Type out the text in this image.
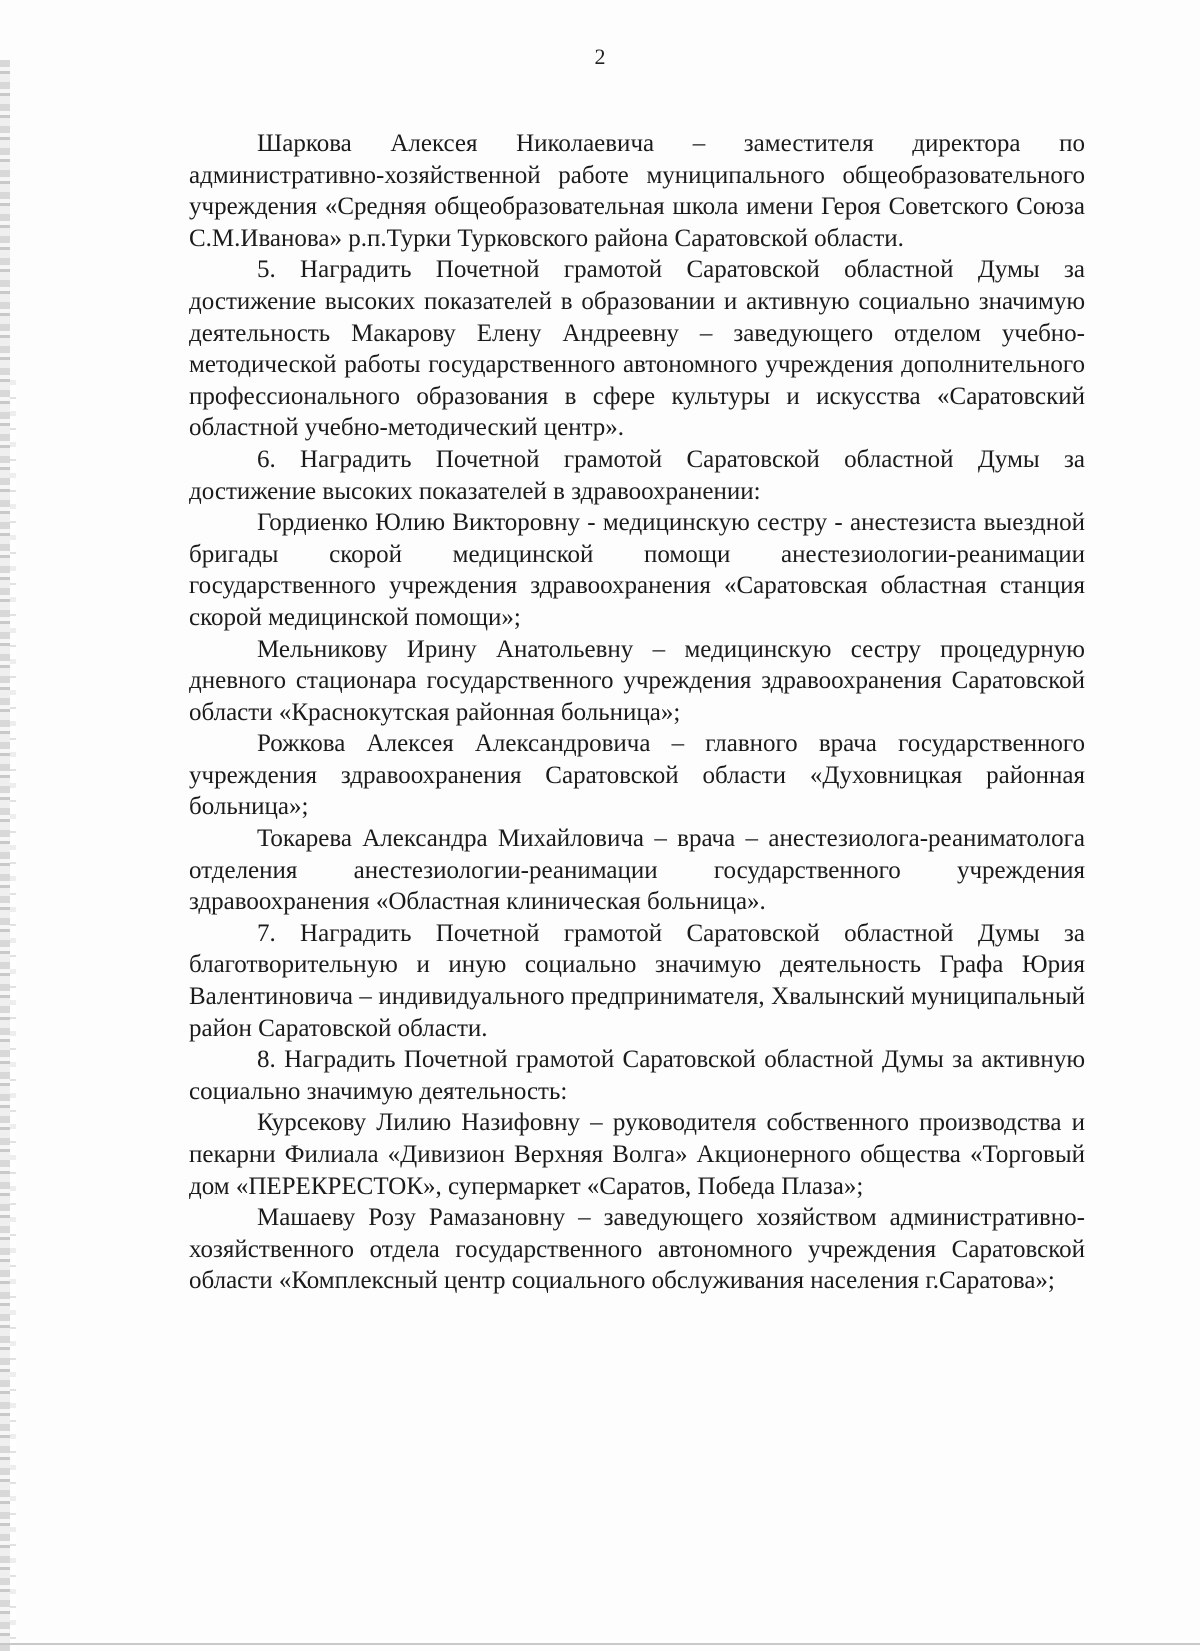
2

Шаркова Алексея Николаевича – заместителя директора по административно-хозяйственной работе муниципального общеобразовательного учреждения «Средняя общеобразовательная школа имени Героя Советского Союза С.М.Иванова» р.п.Турки Турковского района Саратовской области.

5. Наградить Почетной грамотой Саратовской областной Думы за достижение высоких показателей в образовании и активную социально значимую деятельность Макарову Елену Андреевну – заведующего отделом учебно-методической работы государственного автономного учреждения дополнительного профессионального образования в сфере культуры и искусства «Саратовский областной учебно-методический центр».

6. Наградить Почетной грамотой Саратовской областной Думы за достижение высоких показателей в здравоохранении:

Гордиенко Юлию Викторовну - медицинскую сестру - анестезиста выездной бригады скорой медицинской помощи анестезиологии-реанимации государственного учреждения здравоохранения «Саратовская областная станция скорой медицинской помощи»;

Мельникову Ирину Анатольевну – медицинскую сестру процедурную дневного стационара государственного учреждения здравоохранения Саратовской области «Краснокутская районная больница»;

Рожкова Алексея Александровича – главного врача государственного учреждения здравоохранения Саратовской области «Духовницкая районная больница»;

Токарева Александра Михайловича – врача – анестезиолога-реаниматолога отделения анестезиологии-реанимации государственного учреждения здравоохранения «Областная клиническая больница».

7. Наградить Почетной грамотой Саратовской областной Думы за благотворительную и иную социально значимую деятельность Графа Юрия Валентиновича – индивидуального предпринимателя, Хвалынский муниципальный район Саратовской области.

8. Наградить Почетной грамотой Саратовской областной Думы за активную социально значимую деятельность:

Курсекову Лилию Назифовну – руководителя собственного производства и пекарни Филиала «Дивизион Верхняя Волга» Акционерного общества «Торговый дом «ПЕРЕКРЕСТОК», супермаркет «Саратов, Победа Плаза»;

Машаеву Розу Рамазановну – заведующего хозяйством административно-хозяйственного отдела государственного автономного учреждения Саратовской области «Комплексный центр социального обслуживания населения г.Саратова»;
